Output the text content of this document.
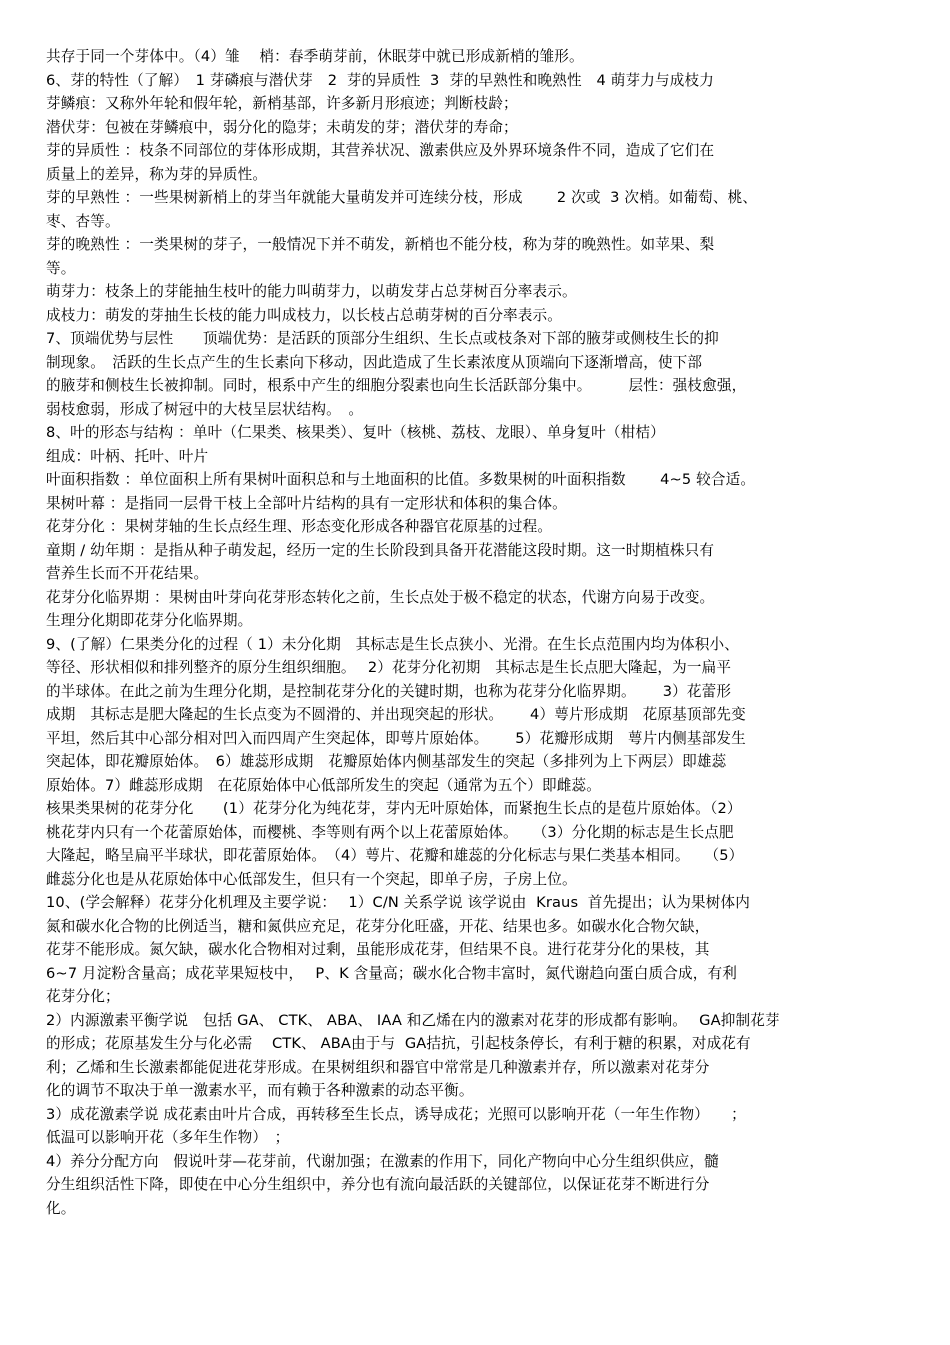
共存于同一个芽体中。（4）雏　 梢：春季萌芽前，休眠芽中就已形成新梢的雏形。
6、芽的特性（了解）　1 芽磷痕与潜伏芽　2  芽的异质性  3  芽的早熟性和晚熟性　4 萌芽力与成枝力
芽鳞痕：又称外年轮和假年轮，新梢基部，许多新月形痕迹；判断枝龄；
潜伏芽：包被在芽鳞痕中，弱分化的隐芽；未萌发的芽；潜伏芽的寿命；
芽的异质性 ：枝条不同部位的芽体形成期，其营养状况、激素供应及外界环境条件不同，造成了它们在
质量上的差异，称为芽的异质性。
芽的早熟性 ：一些果树新梢上的芽当年就能大量萌发并可连续分枝，形成　　 2 次或  3 次梢。如葡萄、桃、
枣、杏等。
芽的晚熟性 ：一类果树的芽子，一般情况下并不萌发，新梢也不能分枝，称为芽的晚熟性。如苹果、梨
等。
萌芽力：枝条上的芽能抽生枝叶的能力叫萌芽力，以萌发芽占总芽树百分率表示。
成枝力：萌发的芽抽生长枝的能力叫成枝力，以长枝占总萌芽树的百分率表示。
7、顶端优势与层性　　顶端优势：是活跃的顶部分生组织、生长点或枝条对下部的腋芽或侧枝生长的抑
制现象。　活跃的生长点产生的生长素向下移动，因此造成了生长素浓度从顶端向下逐渐增高，使下部
的腋芽和侧枝生长被抑制。同时，根系中产生的细胞分裂素也向生长活跃部分集中。　　　层性：强枝愈强，
弱枝愈弱，形成了树冠中的大枝呈层状结构。　。
8、叶的形态与结构 ：单叶（仁果类、核果类）、复叶（核桃、荔枝、龙眼）、单身复叶（柑桔）
组成：叶柄、托叶、叶片
叶面积指数 ：单位面积上所有果树叶面积总和与土地面积的比值。多数果树的叶面积指数　　 4~5 较合适。
果树叶幕 ：是指同一层骨干枝上全部叶片结构的具有一定形状和体积的集合体。
花芽分化 ：果树芽轴的生长点经生理、形态变化形成各种器官花原基的过程。
童期 / 幼年期 ：是指从种子萌发起，经历一定的生长阶段到具备开花潜能这段时期。这一时期植株只有
营养生长而不开花结果。
花芽分化临界期 ：果树由叶芽向花芽形态转化之前，生长点处于极不稳定的状态，代谢方向易于改变。
生理分化期即花芽分化临界期。
9、(了解）仁果类分化的过程（ 1）未分化期　其标志是生长点狭小、光滑。在生长点范围内均为体积小、
等径、形状相似和排列整齐的原分生组织细胞。　 2）花芽分化初期　其标志是生长点肥大隆起，为一扁平
的半球体。在此之前为生理分化期，是控制花芽分化的关键时期，也称为花芽分化临界期。　　 3）花蕾形
成期　其标志是肥大隆起的生长点变为不圆滑的、并出现突起的形状。　　 4）萼片形成期　花原基顶部先变
平坦，然后其中心部分相对凹入而四周产生突起体，即萼片原始体。　　 5）花瓣形成期　萼片内侧基部发生
突起体，即花瓣原始体。　6）雄蕊形成期　花瓣原始体内侧基部发生的突起（多排列为上下两层）即雄蕊
原始体。7）雌蕊形成期　在花原始体中心低部所发生的突起（通常为五个）即雌蕊。
核果类果树的花芽分化　　(1）花芽分化为纯花芽，芽内无叶原始体，而紧抱生长点的是苞片原始体。（2）
桃花芽内只有一个花蕾原始体，而樱桃、李等则有两个以上花蕾原始体。　　（3）分化期的标志是生长点肥
大隆起，略呈扁平半球状，即花蕾原始体。　（4）萼片、花瓣和雄蕊的分化标志与果仁类基本相同。　　（5）
雌蕊分化也是从花原始体中心低部发生，但只有一个突起，即单子房，子房上位。
10、(学会解释）花芽分化机理及主要学说：　 1）C/N 关系学说 该学说由  Kraus  首先提出；认为果树体内
氮和碳水化合物的比例适当，糖和氮供应充足，花芽分化旺盛，开花、结果也多。如碳水化合物欠缺，
花芽不能形成。氮欠缺，碳水化合物相对过剩，虽能形成花芽，但结果不良。进行花芽分化的果枝，其
6~7 月淀粉含量高；成花苹果短枝中，　 P、K 含量高；碳水化合物丰富时，氮代谢趋向蛋白质合成，有利
花芽分化；
2）内源激素平衡学说　包括 GA、 CTK、 ABA、 IAA 和乙烯在内的激素对花芽的形成都有影响。　 GA抑制花芽
的形成；花原基发生分与化必需　 CTK、 ABA由于与  GA拮抗，引起枝条停长，有利于糖的积累，对成花有
利；乙烯和生长激素都能促进花芽形成。在果树组织和器官中常常是几种激素并存，所以激素对花芽分
化的调节不取决于单一激素水平，而有赖于各种激素的动态平衡。
3）成花激素学说 成花素由叶片合成，再转移至生长点，诱导成花；光照可以影响开花（一年生作物）　　；
低温可以影响开花（多年生作物）　；
4）养分分配方向　假说叶芽—花芽前，代谢加强；在激素的作用下，同化产物向中心分生组织供应，髓
分生组织活性下降，即使在中心分生组织中，养分也有流向最活跃的关键部位，以保证花芽不断进行分
化。
